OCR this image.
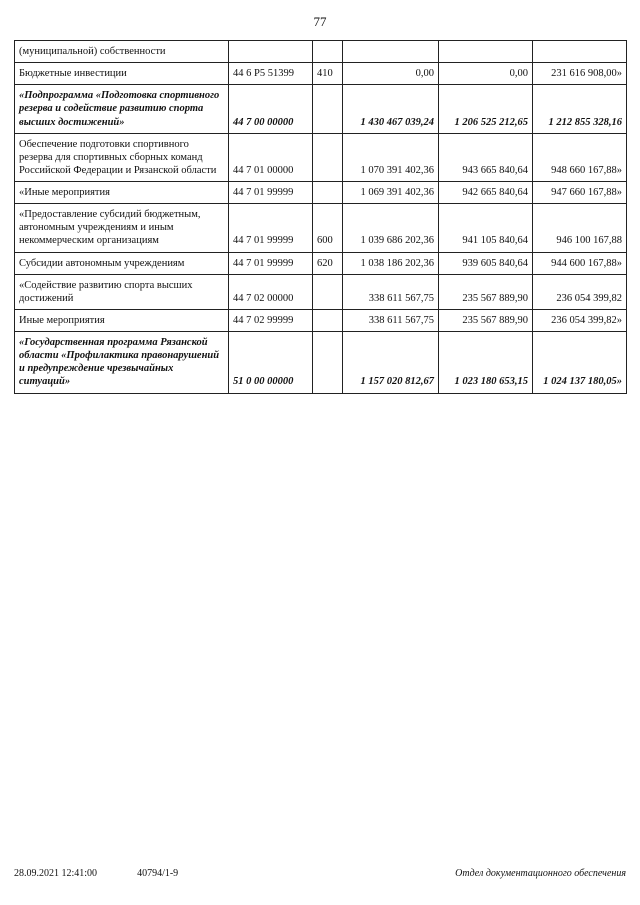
77
(муниципальной) собственности					
Бюджетные инвестиции	44 6 P5 51399	410	0,00	0,00	231 616 908,00»
«Подпрограмма «Подготовка спортивного резерва и содействие развитию спорта высших достижений»	44 7 00 00000		1 430 467 039,24	1 206 525 212,65	1 212 855 328,16
Обеспечение подготовки спортивного резерва для спортивных сборных команд Российской Федерации и Рязанской области	44 7 01 00000		1 070 391 402,36	943 665 840,64	948 660 167,88»
«Иные мероприятия	44 7 01 99999		1 069 391 402,36	942 665 840,64	947 660 167,88»
«Предоставление субсидий бюджетным, автономным учреждениям и иным некоммерческим организациям	44 7 01 99999	600	1 039 686 202,36	941 105 840,64	946 100 167,88
Субсидии автономным учреждениям	44 7 01 99999	620	1 038 186 202,36	939 605 840,64	944 600 167,88»
«Содействие развитию спорта высших достижений	44 7 02 00000		338 611 567,75	235 567 889,90	236 054 399,82
Иные мероприятия	44 7 02 99999		338 611 567,75	235 567 889,90	236 054 399,82»
«Государственная программа Рязанской области «Профилактика правонарушений и предупреждение чрезвычайных ситуаций»	51 0 00 00000		1 157 020 812,67	1 023 180 653,15	1 024 137 180,05»
28.09.2021 12:41:00	40794/1-9	Отдел документационного обеспечения
